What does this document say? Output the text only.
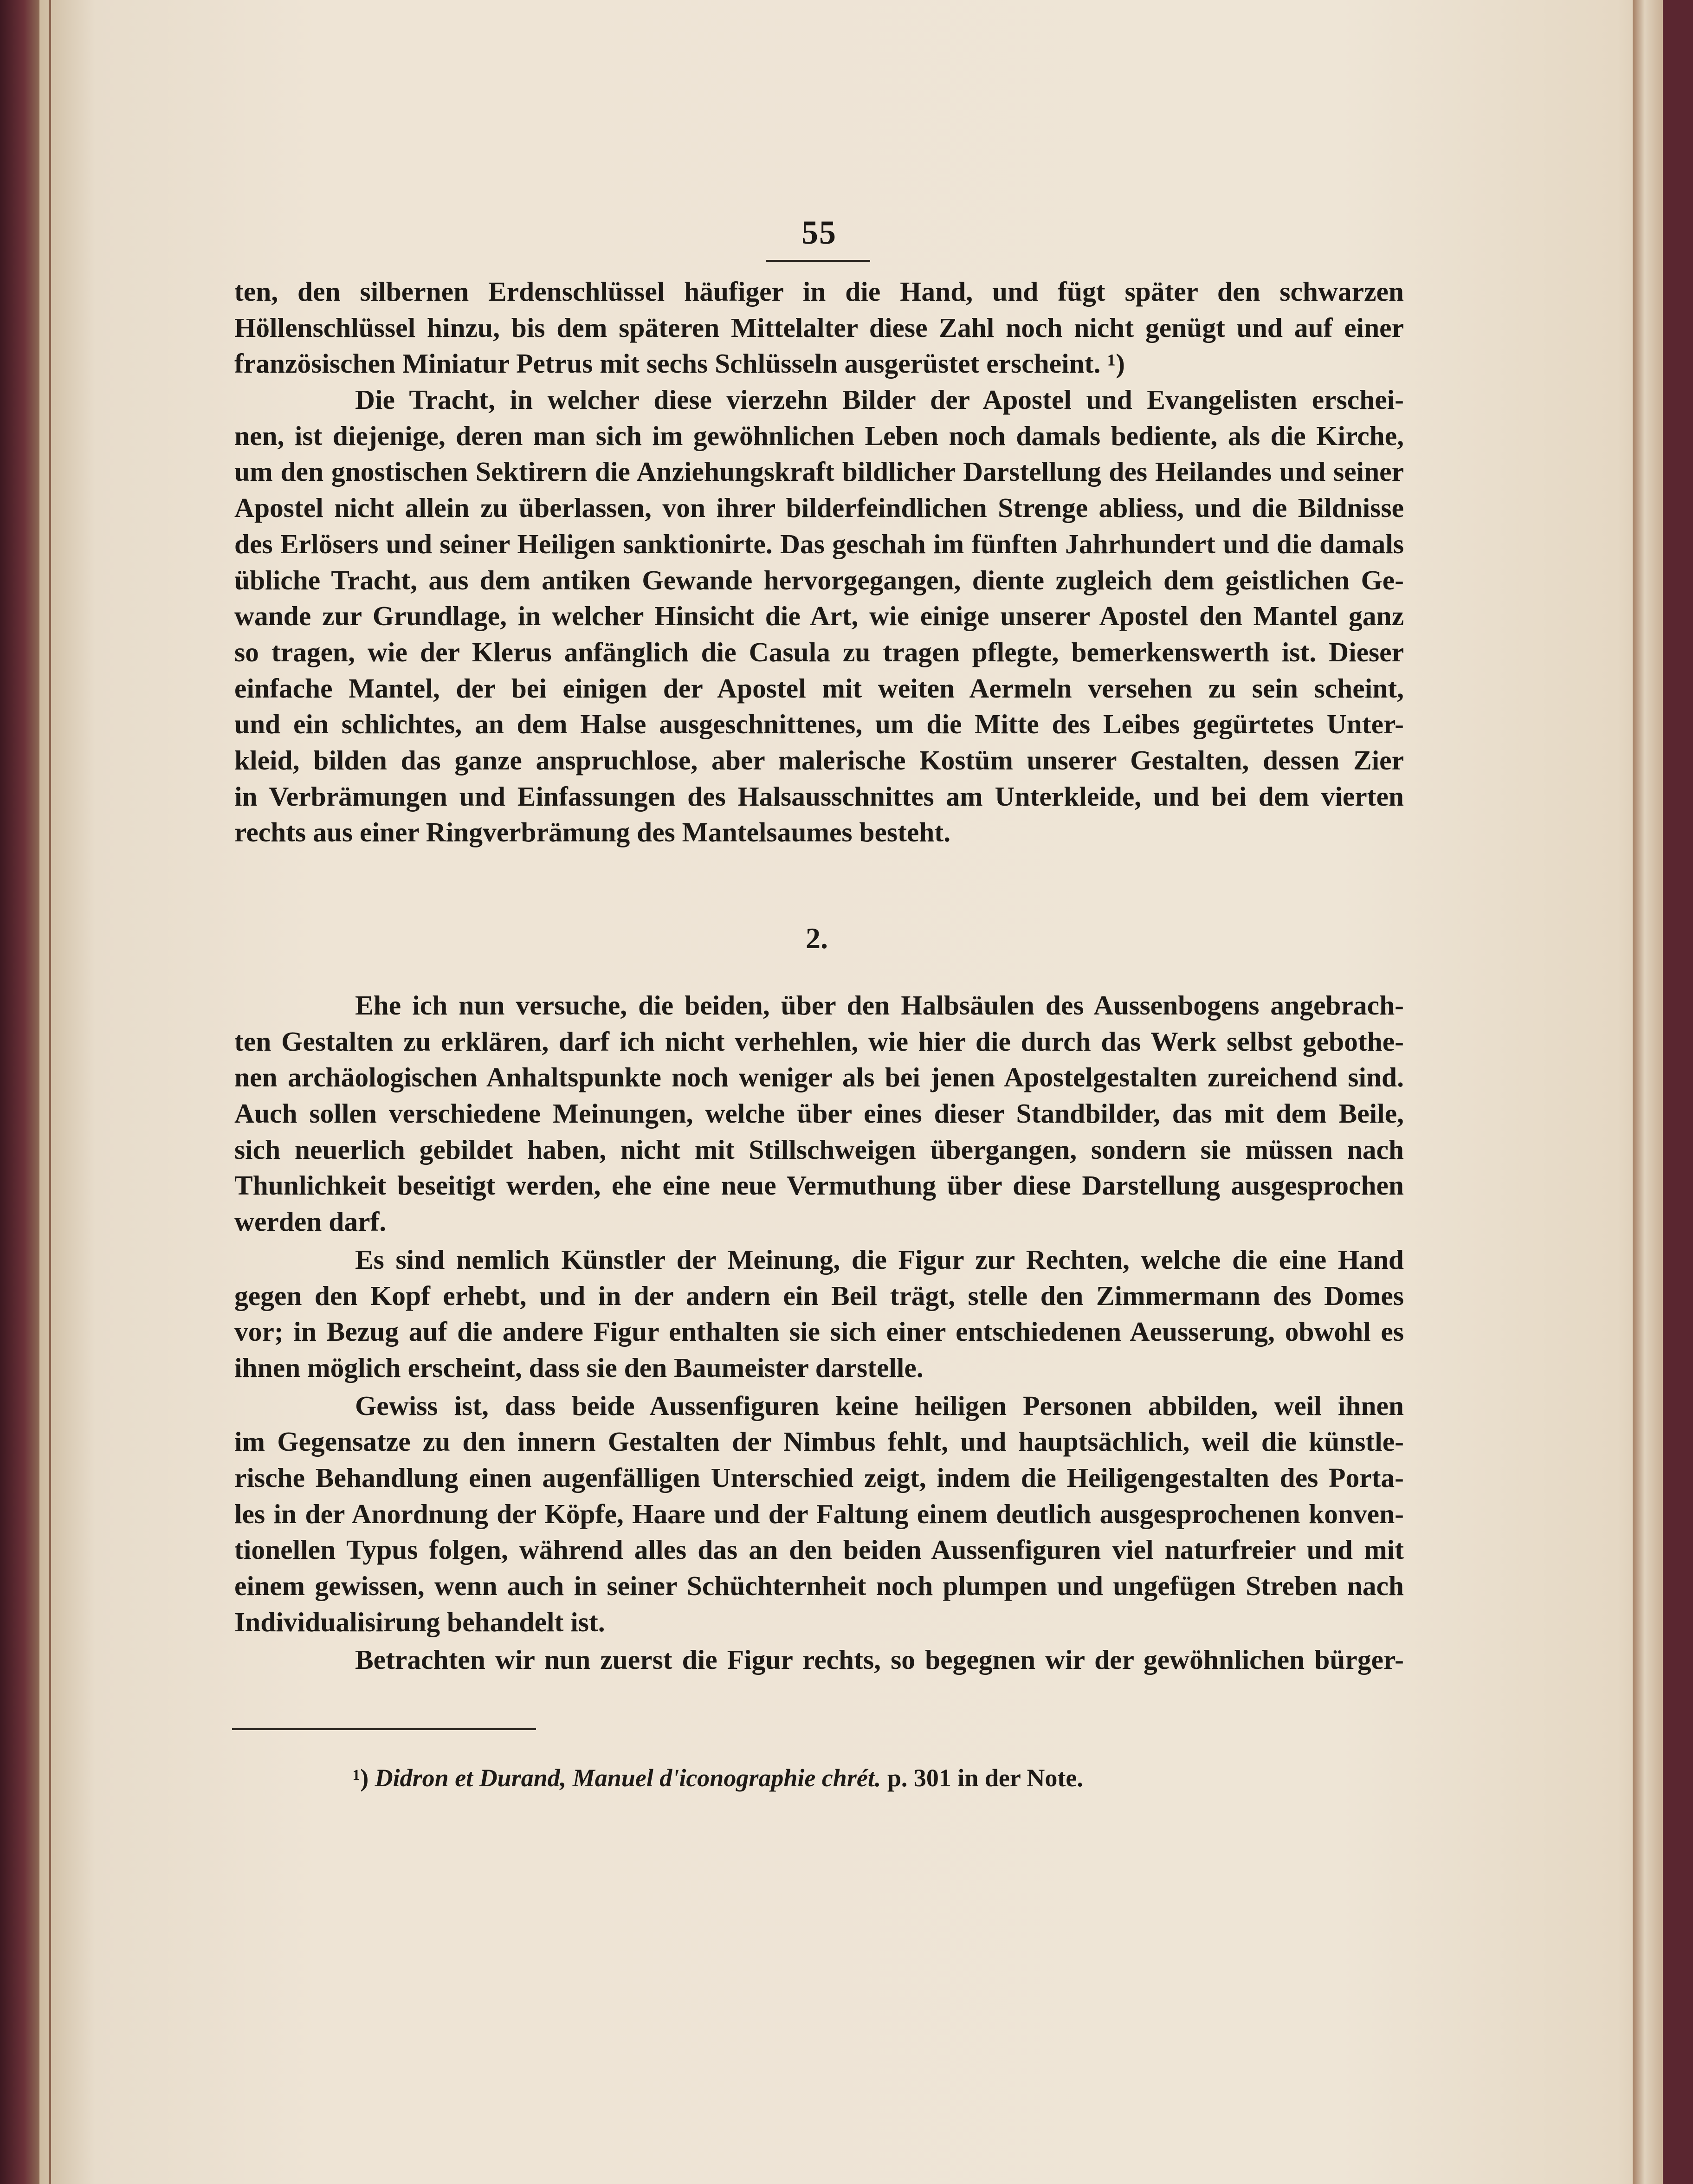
55
ten, den silbernen Erdenschlüssel häufiger in die Hand, und fügt später den schwarzen
Höllenschlüssel hinzu, bis dem späteren Mittelalter diese Zahl noch nicht genügt und auf einer
französischen Miniatur Petrus mit sechs Schlüsseln ausgerüstet erscheint. ¹)
Die Tracht, in welcher diese vierzehn Bilder der Apostel und Evangelisten erschei-
nen, ist diejenige, deren man sich im gewöhnlichen Leben noch damals bediente, als die Kirche,
um den gnostischen Sektirern die Anziehungskraft bildlicher Darstellung des Heilandes und seiner
Apostel nicht allein zu überlassen, von ihrer bilderfeindlichen Strenge abliess, und die Bildnisse
des Erlösers und seiner Heiligen sanktionirte. Das geschah im fünften Jahrhundert und die damals
übliche Tracht, aus dem antiken Gewande hervorgegangen, diente zugleich dem geistlichen Ge-
wande zur Grundlage, in welcher Hinsicht die Art, wie einige unserer Apostel den Mantel ganz
so tragen, wie der Klerus anfänglich die Casula zu tragen pflegte, bemerkenswerth ist. Dieser
einfache Mantel, der bei einigen der Apostel mit weiten Aermeln versehen zu sein scheint,
und ein schlichtes, an dem Halse ausgeschnittenes, um die Mitte des Leibes gegürtetes Unter-
kleid, bilden das ganze anspruchlose, aber malerische Kostüm unserer Gestalten, dessen Zier
in Verbrämungen und Einfassungen des Halsausschnittes am Unterkleide, und bei dem vierten
rechts aus einer Ringverbrämung des Mantelsaumes besteht.
2.
Ehe ich nun versuche, die beiden, über den Halbsäulen des Aussenbogens angebrach-
ten Gestalten zu erklären, darf ich nicht verhehlen, wie hier die durch das Werk selbst gebothe-
nen archäologischen Anhaltspunkte noch weniger als bei jenen Apostelgestalten zureichend sind.
Auch sollen verschiedene Meinungen, welche über eines dieser Standbilder, das mit dem Beile,
sich neuerlich gebildet haben, nicht mit Stillschweigen übergangen, sondern sie müssen nach
Thunlichkeit beseitigt werden, ehe eine neue Vermuthung über diese Darstellung ausgesprochen
werden darf.
Es sind nemlich Künstler der Meinung, die Figur zur Rechten, welche die eine Hand
gegen den Kopf erhebt, und in der andern ein Beil trägt, stelle den Zimmermann des Domes
vor; in Bezug auf die andere Figur enthalten sie sich einer entschiedenen Aeusserung, obwohl es
ihnen möglich erscheint, dass sie den Baumeister darstelle.
Gewiss ist, dass beide Aussenfiguren keine heiligen Personen abbilden, weil ihnen
im Gegensatze zu den innern Gestalten der Nimbus fehlt, und hauptsächlich, weil die künstle-
rische Behandlung einen augenfälligen Unterschied zeigt, indem die Heiligengestalten des Porta-
les in der Anordnung der Köpfe, Haare und der Faltung einem deutlich ausgesprochenen konven-
tionellen Typus folgen, während alles das an den beiden Aussenfiguren viel naturfreier und mit
einem gewissen, wenn auch in seiner Schüchternheit noch plumpen und ungefügen Streben nach
Individualisirung behandelt ist.
Betrachten wir nun zuerst die Figur rechts, so begegnen wir der gewöhnlichen bürger-
¹) Didron et Durand, Manuel d'iconographie chrét. p. 301 in der Note.
